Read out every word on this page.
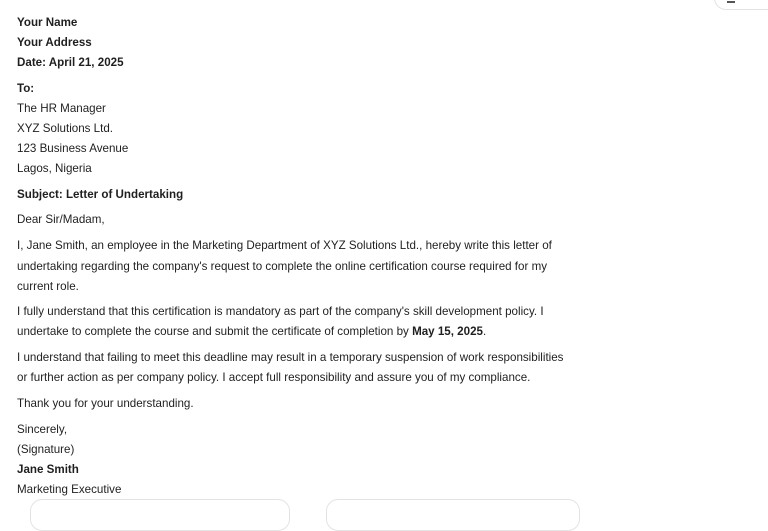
Your Name
Your Address
Date: April 21, 2025
To:
The HR Manager
XYZ Solutions Ltd.
123 Business Avenue
Lagos, Nigeria
Subject: Letter of Undertaking
Dear Sir/Madam,
I, Jane Smith, an employee in the Marketing Department of XYZ Solutions Ltd., hereby write this letter of
undertaking regarding the company's request to complete the online certification course required for my
current role.
I fully understand that this certification is mandatory as part of the company's skill development policy. I
undertake to complete the course and submit the certificate of completion by May 15, 2025.
I understand that failing to meet this deadline may result in a temporary suspension of work responsibilities
or further action as per company policy. I accept full responsibility and assure you of my compliance.
Thank you for your understanding.
Sincerely,
(Signature)
Jane Smith
Marketing Executive
